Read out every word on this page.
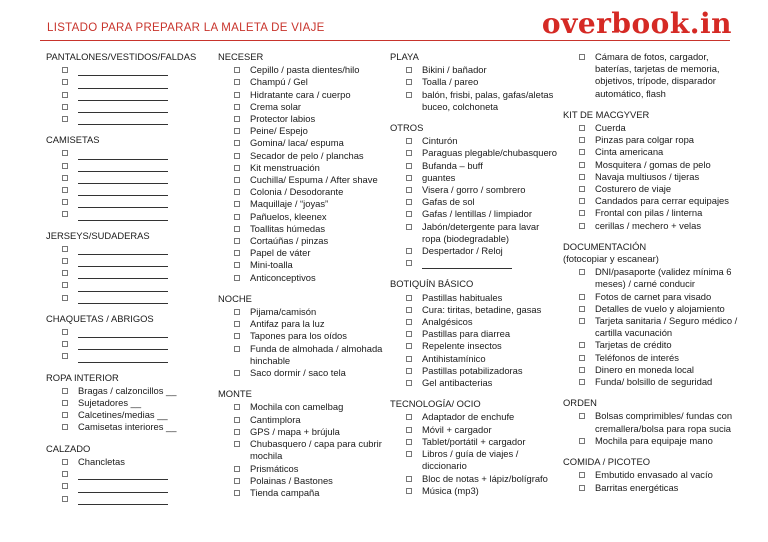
LISTADO PARA PREPARAR LA MALETA DE VIAJE	overbook.in
PANTALONES/VESTIDOS/FALDAS
CAMISETAS
JERSEYS/SUDADERAS
CHAQUETAS / ABRIGOS
ROPA INTERIOR
Bragas / calzoncillos __
Sujetadores __
Calcetines/medias __
Camisetas interiores __
CALZADO
Chancletas
NECESER
Cepillo / pasta dientes/hilo
Champú / Gel
Hidratante cara / cuerpo
Crema solar
Protector labios
Peine/ Espejo
Gomina/ laca/ espuma
Secador de pelo / planchas
Kit menstruación
Cuchilla/ Espuma / After shave
Colonia / Desodorante
Maquillaje / “joyas”
Pañuelos, kleenex
Toallitas húmedas
Cortaúñas / pinzas
Papel de váter
Mini-toalla
Anticonceptivos
NOCHE
Pijama/camisón
Antifaz para la luz
Tapones para los oídos
Funda de almohada / almohada hinchable
Saco dormir / saco tela
MONTE
Mochila con camelbag
Cantimplora
GPS / mapa + brújula
Chubasquero / capa para cubrir mochila
Prismáticos
Polainas / Bastones
Tienda campaña
PLAYA
Bikini / bañador
Toalla / pareo
balón, frisbi, palas, gafas/aletas buceo, colchoneta
OTROS
Cinturón
Paraguas plegable/chubasquero
Bufanda – buff
guantes
Visera / gorro / sombrero
Gafas de sol
Gafas / lentillas / limpiador
Jabón/detergente para lavar ropa (biodegradable)
Despertador / Reloj
BOTIQUÍN BÁSICO
Pastillas habituales
Cura: tiritas, betadine, gasas
Analgésicos
Pastillas para diarrea
Repelente insectos
Antihistamínico
Pastillas potabilizadoras
Gel antibacterias
TECNOLOGÍA/ OCIO
Adaptador de enchufe
Móvil + cargador
Tablet/portátil + cargador
Libros / guía de viajes / diccionario
Bloc de notas + lápiz/bolígrafo
Música (mp3)
Cámara de fotos, cargador, baterías, tarjetas de memoria, objetivos, trípode, disparador automático, flash
KIT DE MACGYVER
Cuerda
Pinzas para colgar ropa
Cinta americana
Mosquitera / gomas de pelo
Navaja multiusos / tijeras
Costurero de viaje
Candados para cerrar equipajes
Frontal con pilas / linterna
cerillas / mechero + velas
DOCUMENTACIÓN
(fotocopiar y escanear)
DNI/pasaporte (validez mínima 6 meses) / carné conducir
Fotos de carnet para visado
Detalles de vuelo y alojamiento
Tarjeta sanitaria / Seguro médico / cartilla vacunación
Tarjetas de crédito
Teléfonos de interés
Dinero en moneda local
Funda/ bolsillo de seguridad
ORDEN
Bolsas comprimibles/ fundas con cremallera/bolsa para ropa sucia
Mochila para equipaje mano
COMIDA / PICOTEO
Embutido envasado al vacío
Barritas energéticas
